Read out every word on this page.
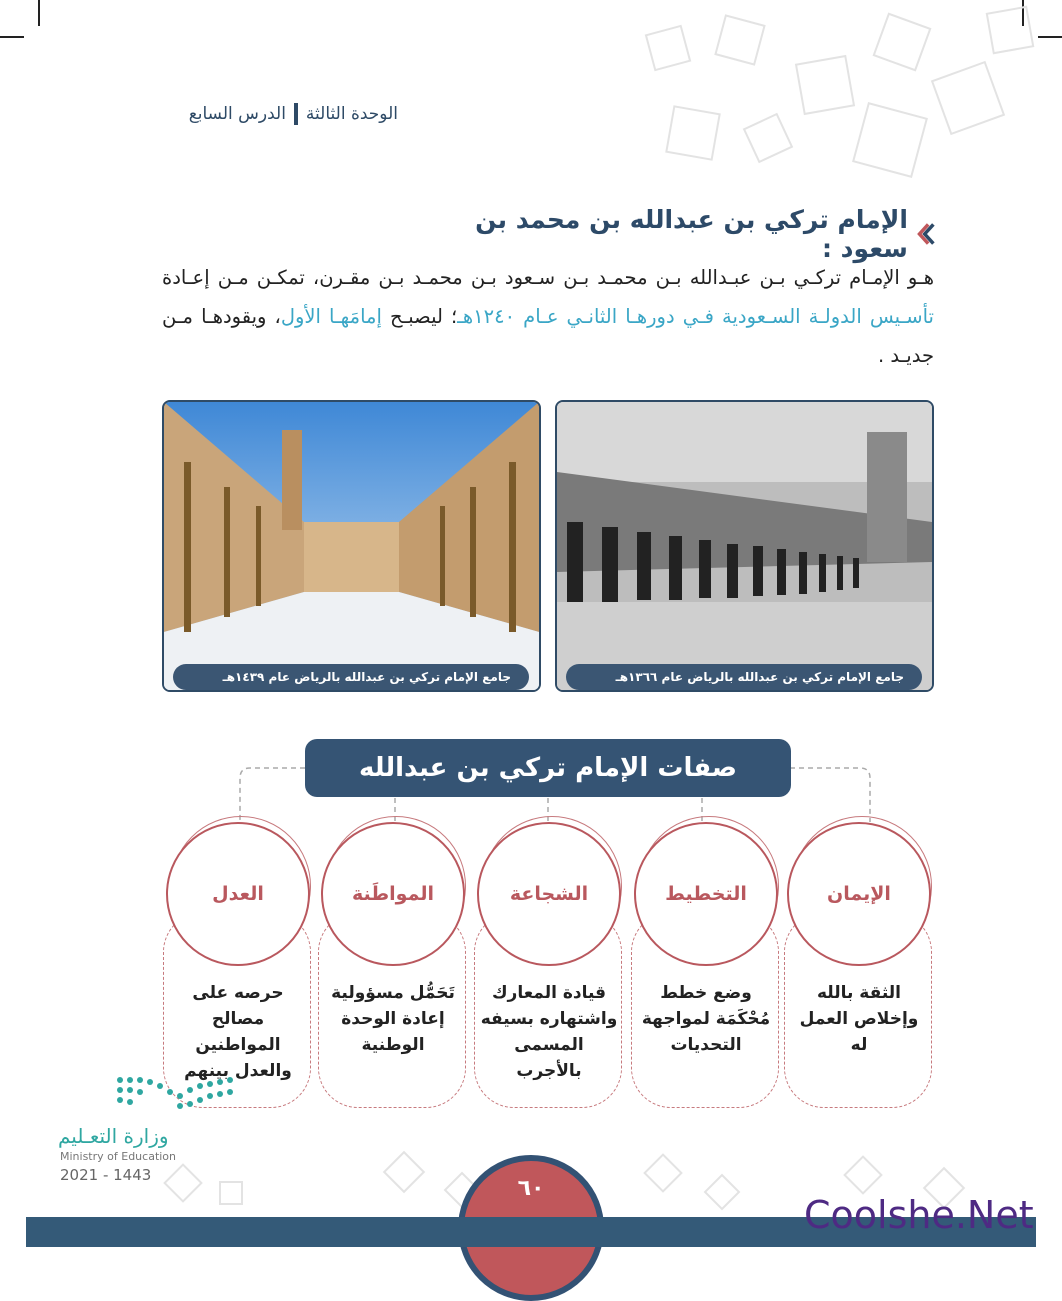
الوحدة الثالثة
الدرس السابع
الإمام تركي بن عبدالله بن محمد بن سعود :
هـو الإمـام تركـي بـن عبـدالله بـن محمـد بـن سـعود بـن محمـد بـن مقـرن، تمكـن مـن إعـادة تأسـيس الدولـة السـعودية فـي دورهـا الثانـي عـام ١٢٤٠هـ؛ ليصبـح إمامَهـا الأول، ويقودهـا مـن جديـد .
جامع الإمام تركي بن عبدالله بالرياض عام ١٣٦٦هـ
جامع الإمام تركي بن عبدالله بالرياض عام ١٤٣٩هـ
صفات الإمام تركي بن عبدالله
الإيمان
الثقة بالله وإخلاص العمل له
التخطيط
وضع خطط مُحْكَمَة لمواجهة التحديات
الشجاعة
قيادة المعارك واشتهاره بسيفه المسمى بالأجرب
المواطَنة
تَحَمُّل مسؤولية إعادة الوحدة الوطنية
العدل
حرصه على مصالح المواطنين والعدل بينهم
وزارة التعـليم
Ministry of Education
2021 - 1443
٦٠
Coolshe.Net
